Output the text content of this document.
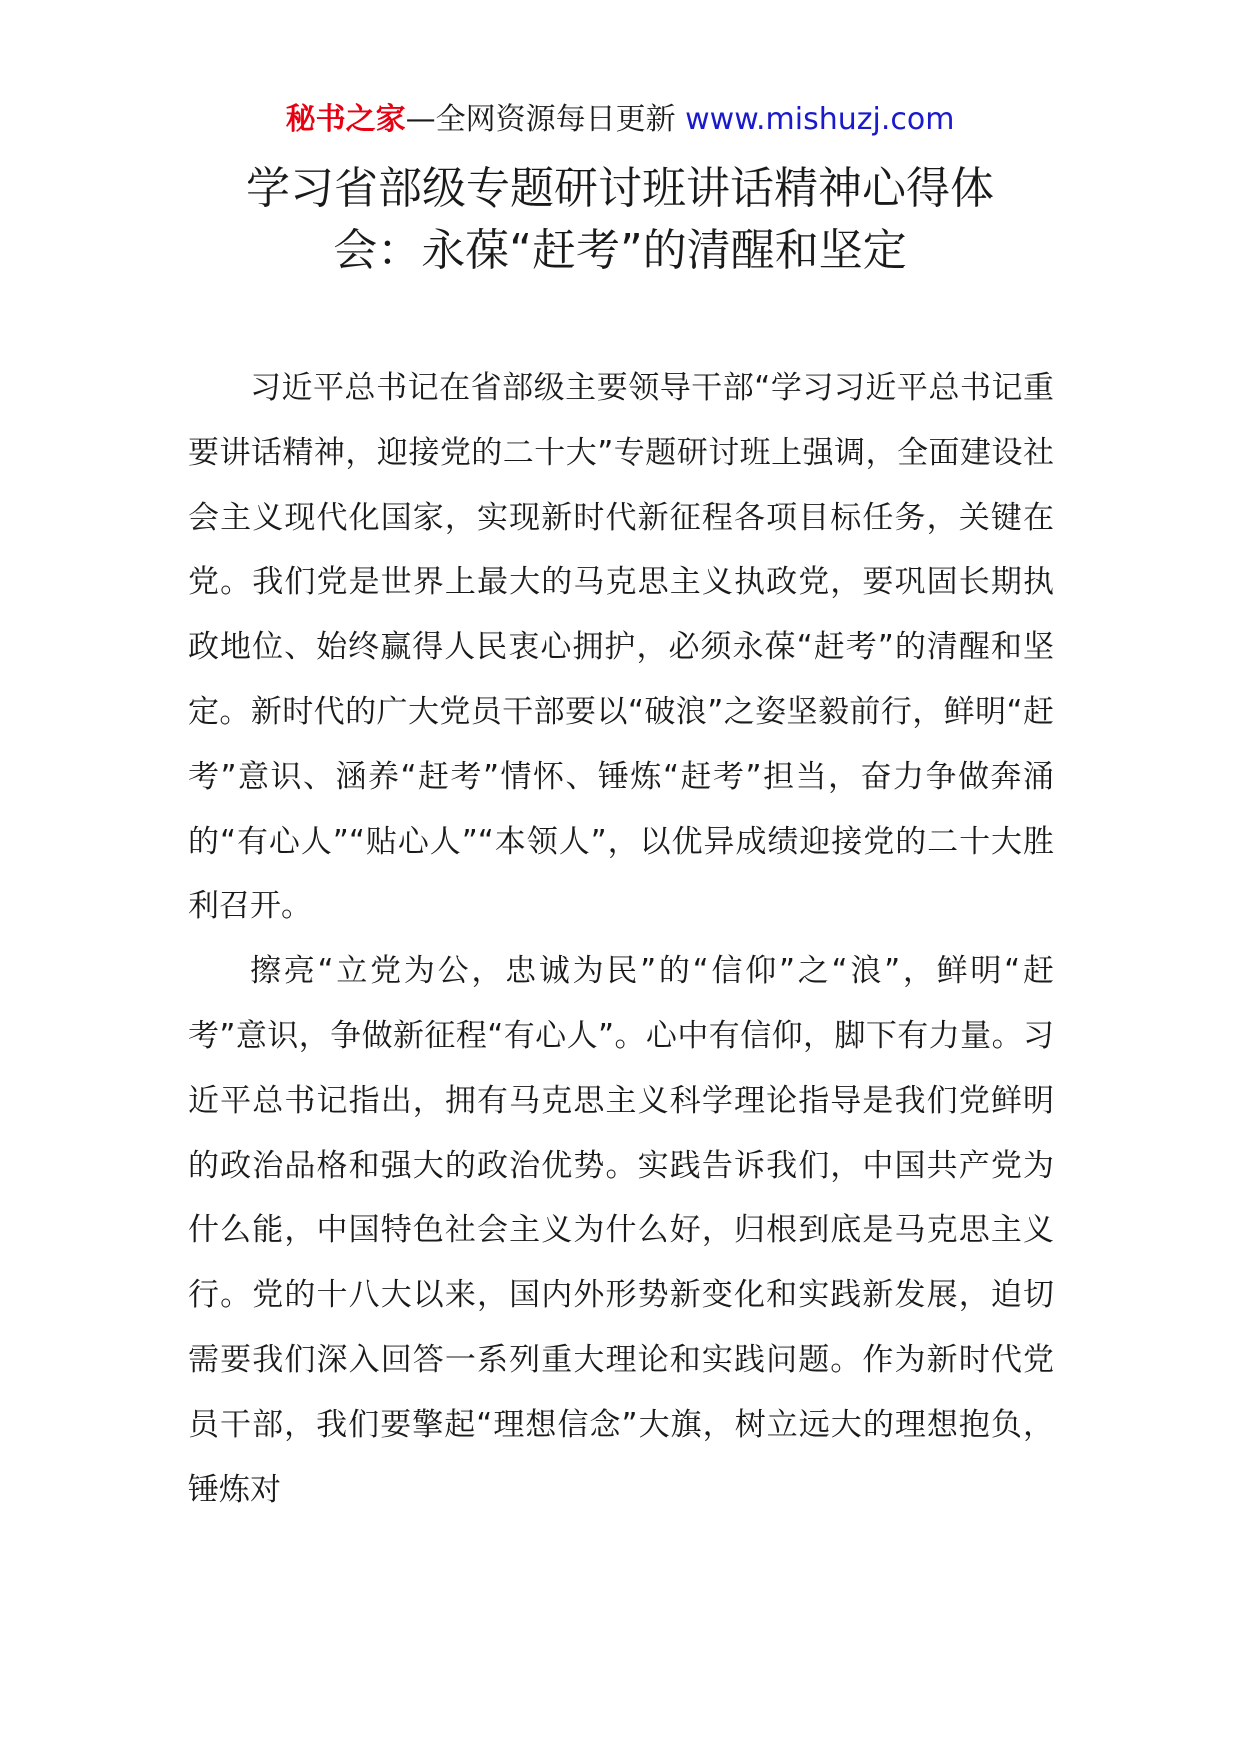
秘书之家—全网资源每日更新 www.mishuzj.com
学习省部级专题研讨班讲话精神心得体
会：永葆“赶考”的清醒和坚定

习近平总书记在省部级主要领导干部“学习习近平总书记重要讲话精神，迎接党的二十大”专题研讨班上强调，全面建设社会主义现代化国家，实现新时代新征程各项目标任务，关键在党。我们党是世界上最大的马克思主义执政党，要巩固长期执政地位、始终赢得人民衷心拥护，必须永葆“赶考”的清醒和坚定。新时代的广大党员干部要以“破浪”之姿坚毅前行，鲜明“赶考”意识、涵养“赶考”情怀、锤炼“赶考”担当，奋力争做奔涌的“有心人”“贴心人”“本领人”，以优异成绩迎接党的二十大胜利召开。

擦亮“立党为公，忠诚为民”的“信仰”之“浪”，鲜明“赶考”意识，争做新征程“有心人”。心中有信仰，脚下有力量。习近平总书记指出，拥有马克思主义科学理论指导是我们党鲜明的政治品格和强大的政治优势。实践告诉我们，中国共产党为什么能，中国特色社会主义为什么好，归根到底是马克思主义行。党的十八大以来，国内外形势新变化和实践新发展，迫切需要我们深入回答一系列重大理论和实践问题。作为新时代党员干部，我们要擎起“理想信念”大旗，树立远大的理想抱负，锤炼对
